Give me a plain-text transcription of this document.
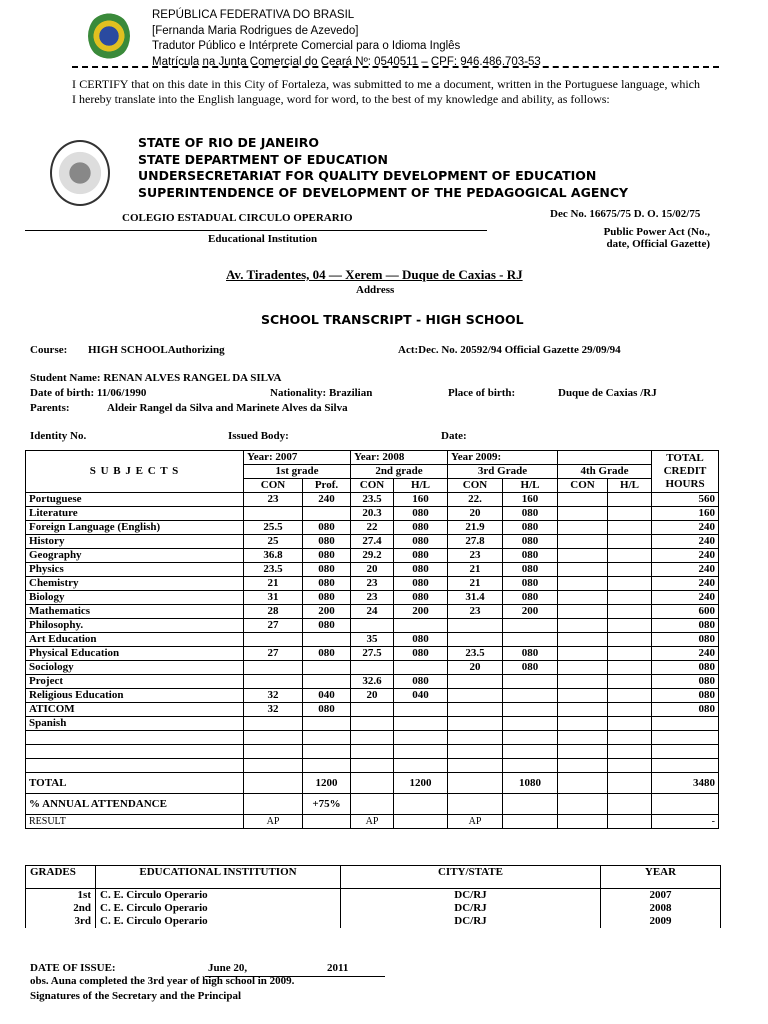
REPÚBLICA FEDERATIVA DO BRASIL
[Fernanda Maria Rodrigues de Azevedo]
Tradutor Público e Intérprete Comercial para o Idioma Inglês
Matrícula na Junta Comercial do Ceará Nº: 0540511 – CPF: 946.486.703-53
I CERTIFY that on this date in this City of Fortaleza, was submitted to me a document, written in the Portuguese language, which I hereby translate into the English language, word for word, to the best of my knowledge and ability, as follows:
STATE OF RIO DE JANEIRO
STATE DEPARTMENT OF EDUCATION
UNDERSECRETARIAT FOR QUALITY DEVELOPMENT OF EDUCATION
SUPERINTENDENCE OF DEVELOPMENT OF THE PEDAGOGICAL AGENCY
COLEGIO ESTADUAL CIRCULO OPERARIO
Educational Institution
Dec No. 16675/75 D. O. 15/02/75
Public Power Act (No.,
date, Official Gazette)
Av. Tiradentes, 04 — Xerem — Duque de Caxias - RJ
Address
SCHOOL TRANSCRIPT - HIGH SCHOOL
Course: HIGH SCHOOLAuthorizing	Act:Dec. No. 20592/94 Official Gazette 29/09/94
Student Name: RENAN ALVES RANGEL DA SILVA
Date of birth: 11/06/1990	Nationality: Brazilian	Place of birth:	Duque de Caxias /RJ
Parents:	Aldeir Rangel da Silva and Marinete Alves da Silva
Identity No.	Issued Body:	Date:
S U B J E C T S	Year: 2007		Year: 2008		Year 2009:				TOTAL CREDIT HOURS
	1st grade		2nd grade		3rd Grade		4th Grade		
	CON	Prof.	CON	H/L	CON	H/L	CON	H/L	
Portuguese	23	240	23.5	160	22.	160			560
Literature			20.3	080	20	080			160
Foreign Language (English)	25.5	080	22	080	21.9	080			240
History	25	080	27.4	080	27.8	080			240
Geography	36.8	080	29.2	080	23	080			240
Physics	23.5	080	20	080	21	080			240
Chemistry	21	080	23	080	21	080			240
Biology	31	080	23	080	31.4	080			240
Mathematics	28	200	24	200	23	200			600
Philosophy.	27	080							080
Art Education			35	080					080
Physical Education	27	080	27.5	080	23.5	080			240
Sociology					20	080			080
Project			32.6	080					080
Religious Education	32	040	20	040					080
ATICOM	32	080							080
Spanish									

TOTAL		1200		1200		1080			3480
% ANNUAL ATTENDANCE		+75%							
RESULT	AP		AP		AP				-
GRADES	EDUCATIONAL INSTITUTION	CITY/STATE	YEAR
1st	C. E. Circulo Operario	DC/RJ	2007
2nd	C. E. Circulo Operario	DC/RJ	2008
3rd	C. E. Circulo Operario	DC/RJ	2009
DATE OF ISSUE:	June 20,	2011
obs. Auna completed the 3rd year of high school in 2009.
Signatures of the Secretary and the Principal
